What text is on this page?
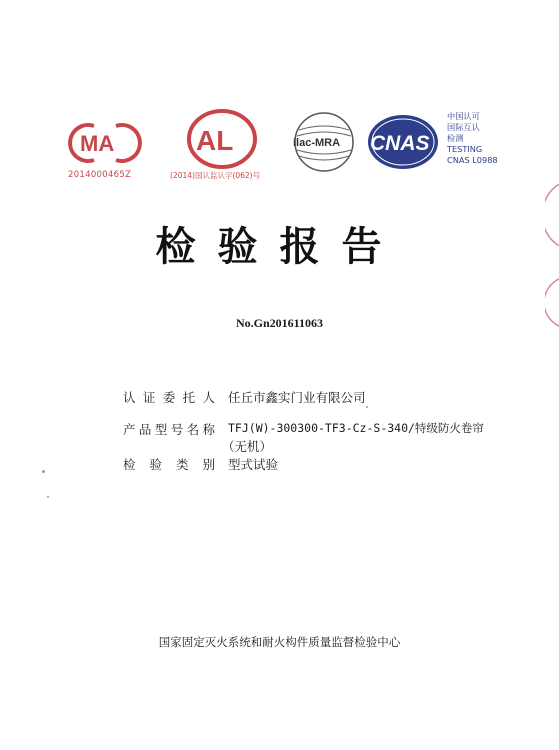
MA
2014000465Z
AL
(2014)国认监认字(062)号
ilac-MRA CNAS
中国认可
国际互认
检测
TESTING
CNAS L0988
检验报告
No.Gn201611063
认证委托人 任丘市鑫实门业有限公司
产品型号名称 TFJ(W)-300300-TF3-Cz-S-340/特级防火卷帘
（无机）
检验类别 型式试验
国家固定灭火系统和耐火构件质量监督检验中心
